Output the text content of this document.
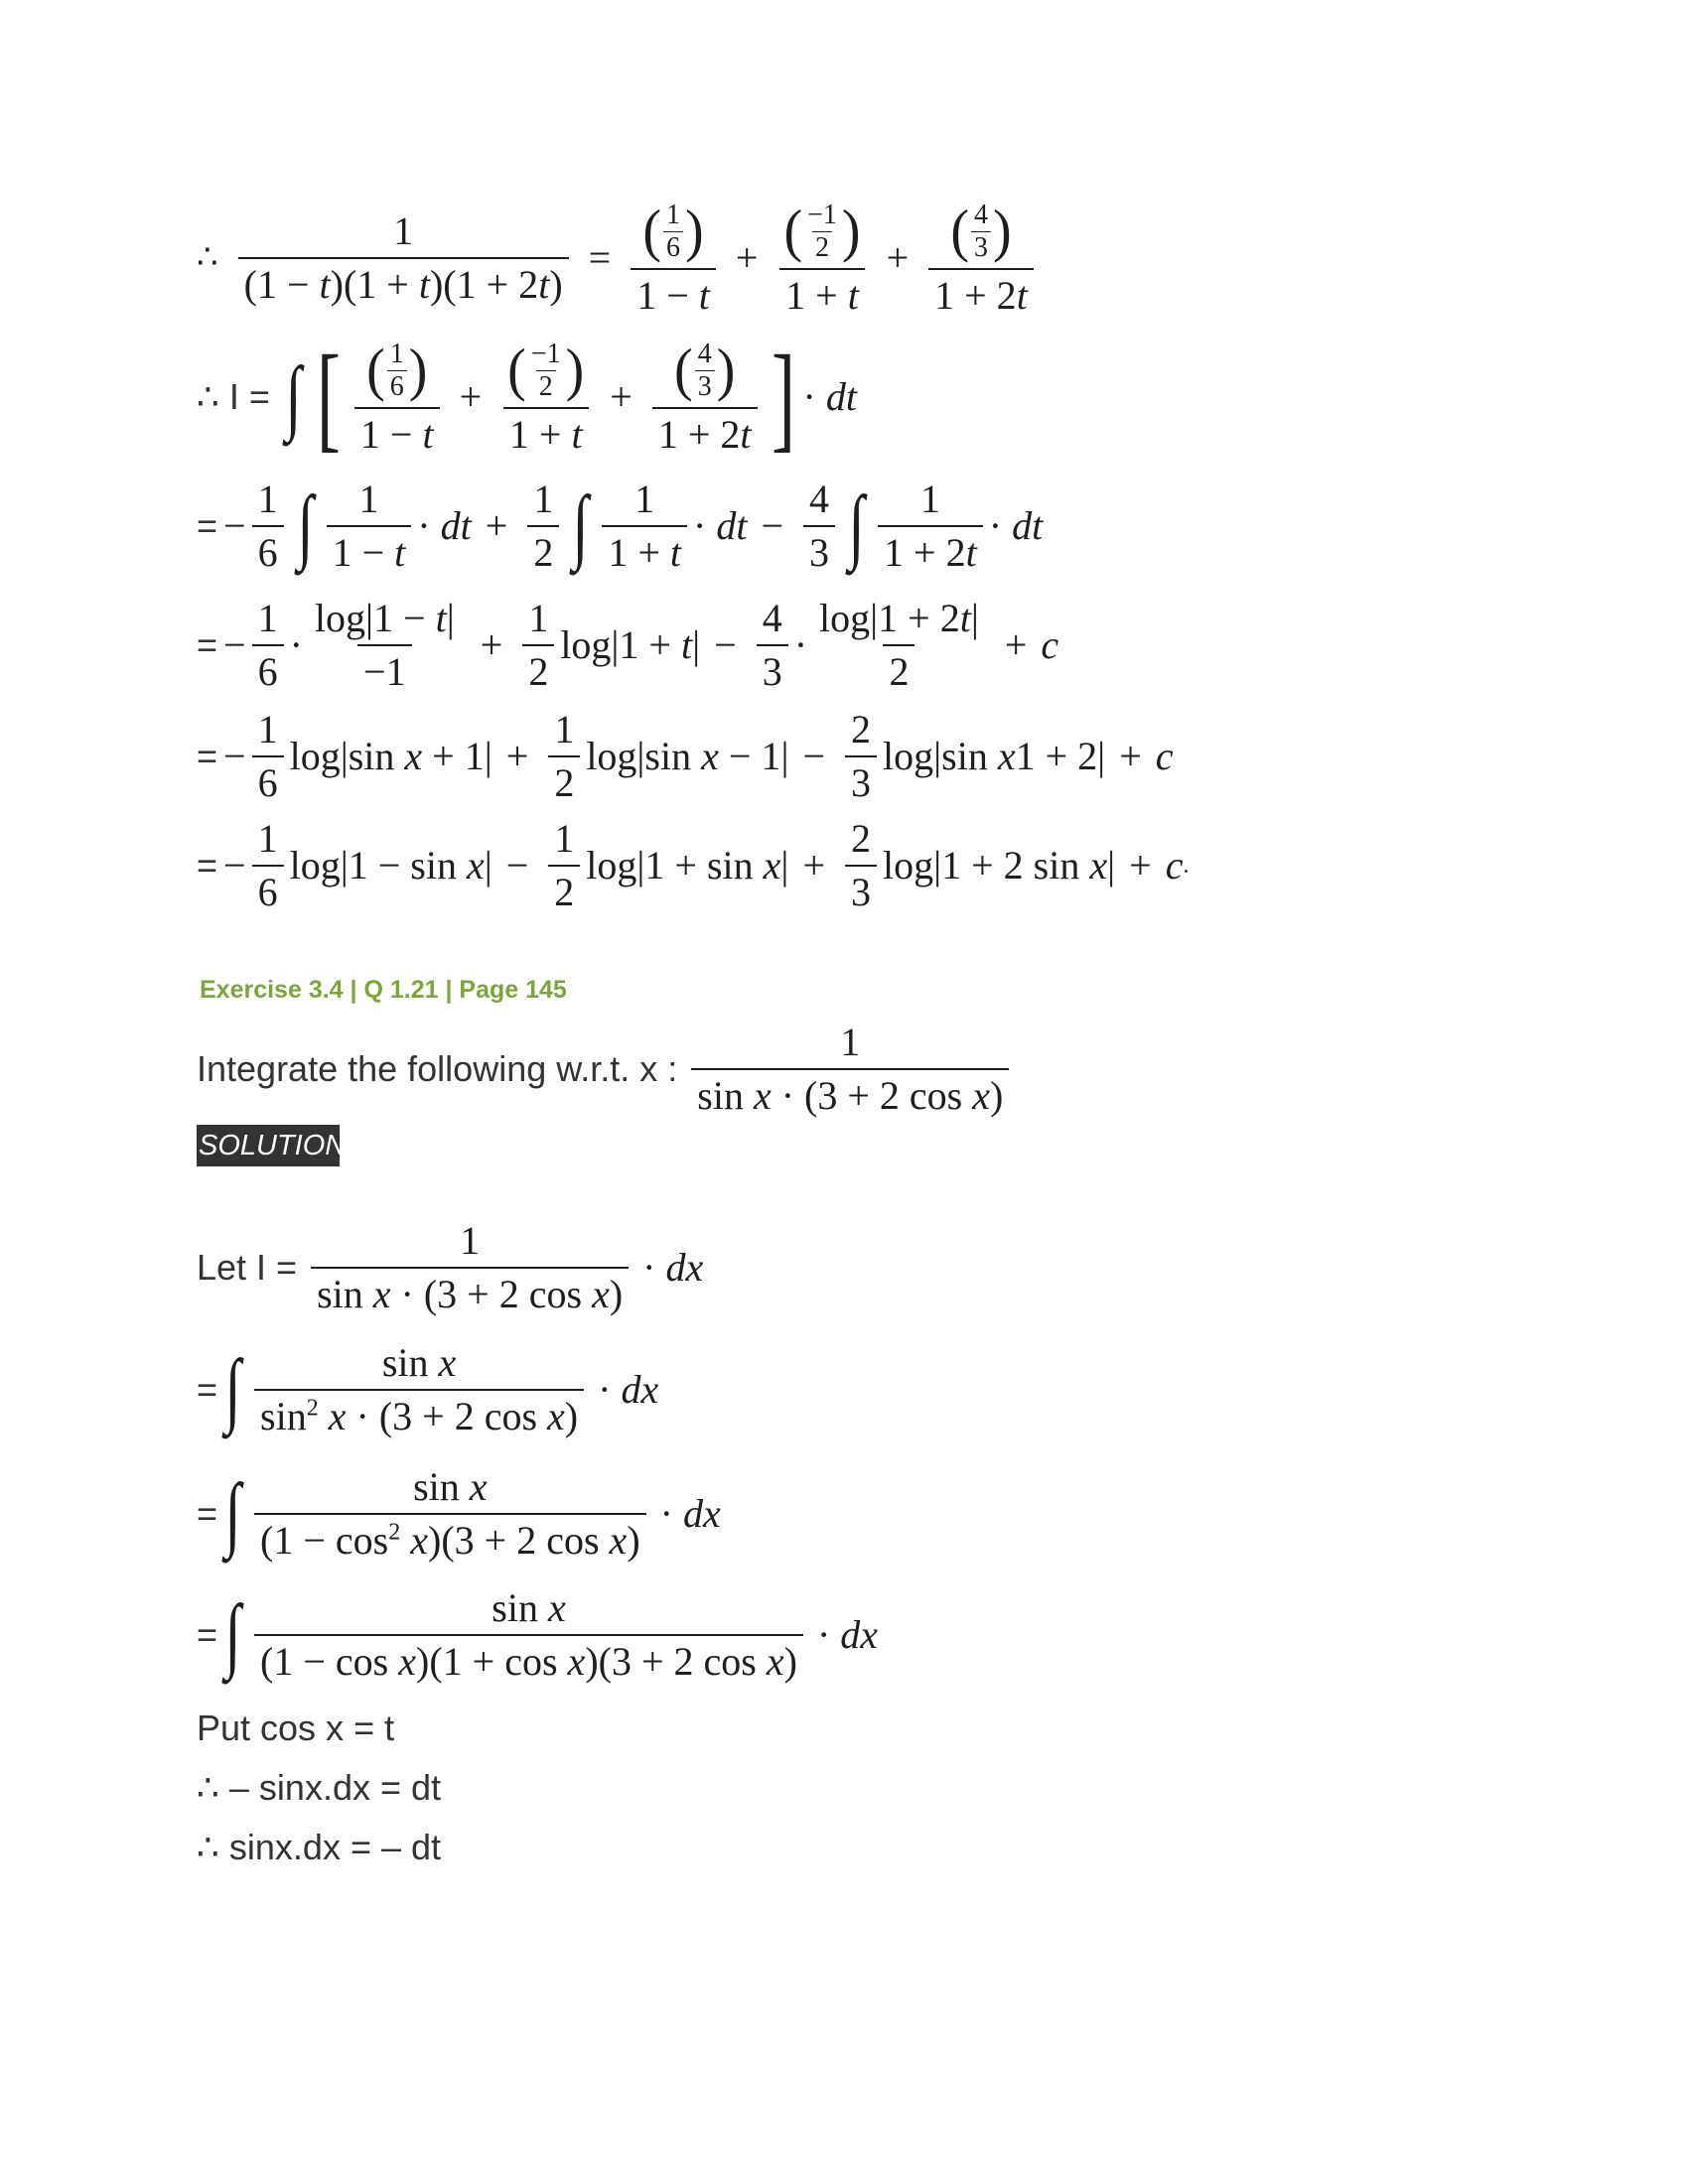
∴ $\frac{1}{(1 - t)(1 + t)(1 + 2t)}$ = ( 1
6 )
1 − t + ( −1
2 )
1 + t + ( 4
3 )
1 + 2t
∴ I = ∫ [ ( 1
6 )
1 − t + ( −1
2 )
1 + t + ( 4
3 )
1 + 2t ] · dt
= − $\frac{1}{6}$ ∫ $\frac{1}{1 - t}$ · dt + $\frac{1}{2}$ ∫ $\frac{1}{1 + t}$ · dt − $\frac{4}{3}$ ∫ $\frac{1}{1 + 2t}$ · dt
= − $\frac{1}{6} \cdot \frac{\log|1 - t|}{-1} + \frac{1}{2} \log|1 + t| - \frac{4}{3} \cdot \frac{\log|1 + 2t|}{2} + c$
= − $\frac{1}{6} \log|\sin$ $x + 1| + \frac{1}{2} \log|\sin$ $x - 1| - \frac{2}{3} \log|\sin$ x1 + 2| + c
= − $\frac{1}{6} \log|1 - \sin x| - \frac{1}{2} \log|1 + \sin x| + \frac{2}{3} \log|1 + 2$ sin x| + c .
Exercise 3.4 | Q 1.21 | Page 145
Integrate the following w.r.t. x : $\frac{1}{\text{sin x · (3 + 2 cos x)}}$
SOLUTION
Let $I = \frac{1}{\text{sin x · (3 + 2 cos x)}}$ · dx
= ∫ $\frac{\text{sin x}}{\sin^2 x \cdot (3 + 2 \cos x)}$ · dx
= ∫ $\frac{\text{sin x}}{(1 - \cos^2 x)(3 + 2 \cos x)}$ · dx
= ∫ $\frac{\text{sin x}}{\text{(1 − cos x)(1 + cos x)(3 + 2 cos x)}}$ · dx
Put cos x = t
∴ – sinx.dx = dt
∴ sinx.dx = – dt
